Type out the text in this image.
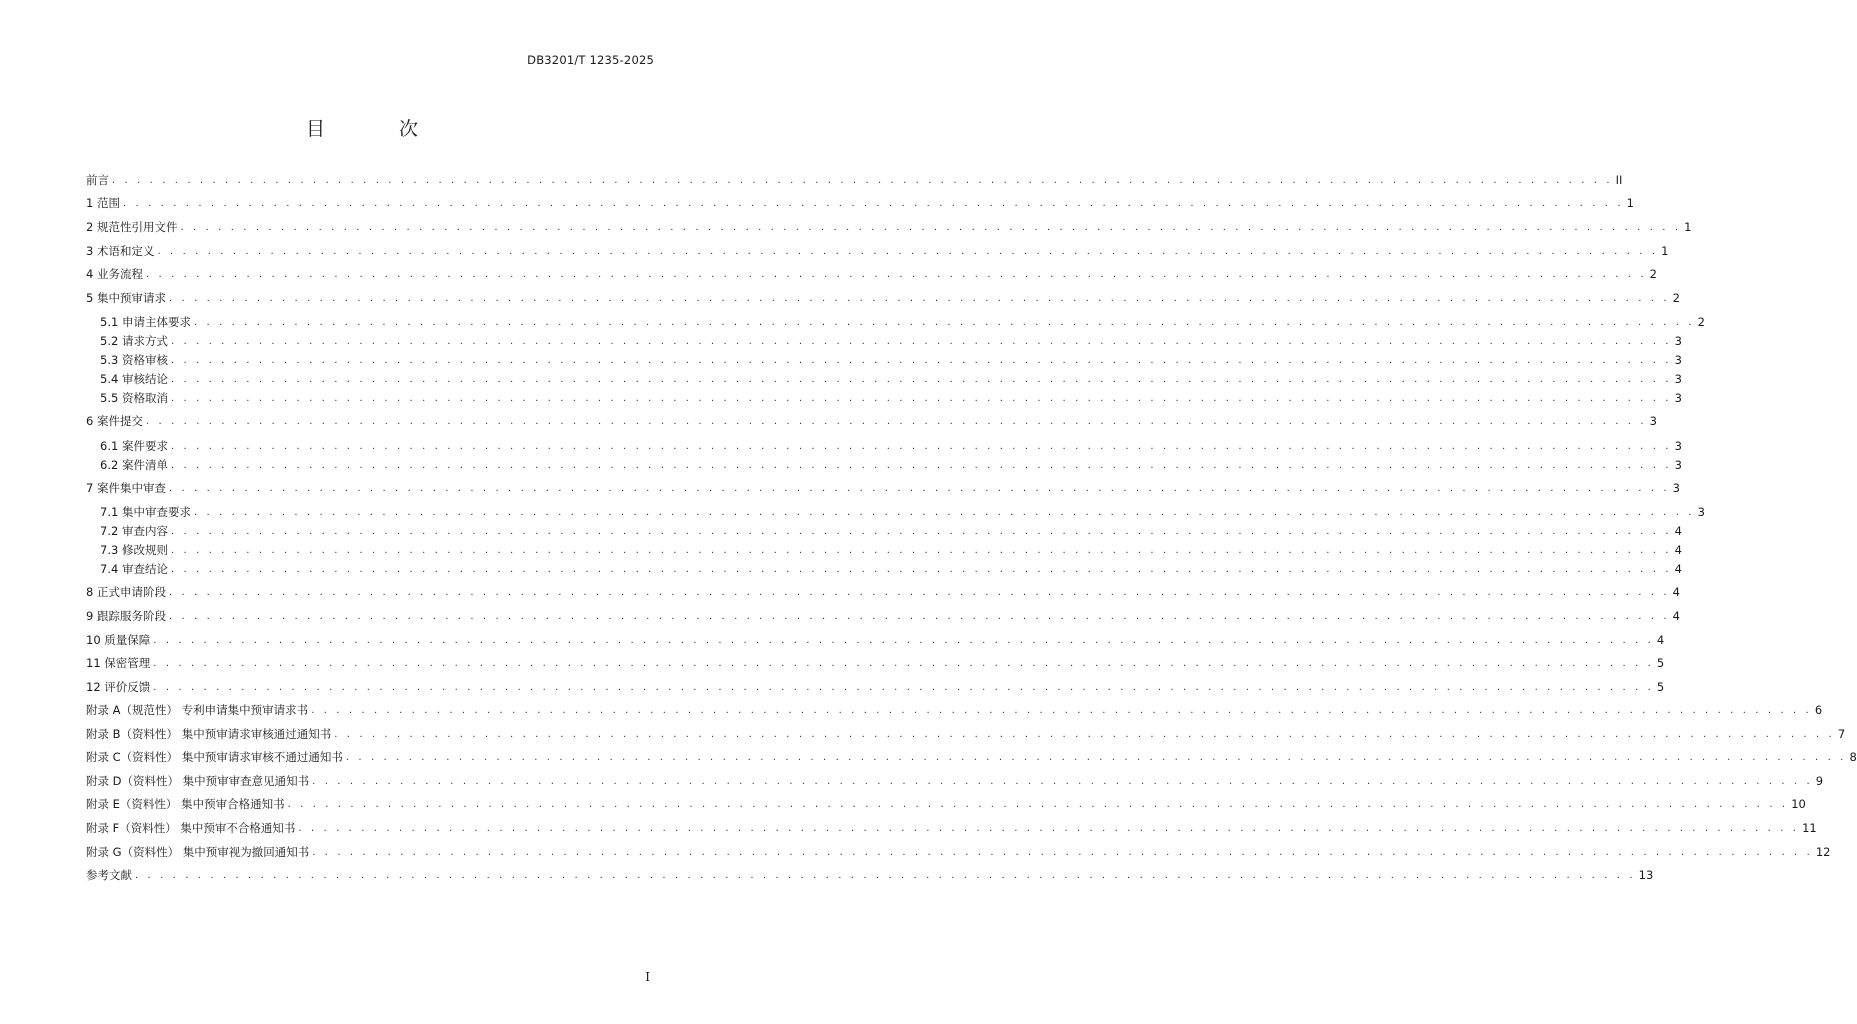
DB3201/T 1235-2025
目 次
前言 . . . . . . . . . . . . . . . . . . . . . . . . . . . . . . . . . . . . . . . . . . . . . . . . . . . . . . . . . . . . . . . . . . . . . . . . . . . . . . . . . . . . . . . . . . . . . . . . . . . . . . . . . . . . . . . . . . . . . . . . II
1 范围 . . . . . . . . . . . . . . . . . . . . . . . . . . . . . . . . . . . . . . . . . . . . . . . . . . . . . . . . . . . . . . . . . . . . . . . . . . . . . . . . . . . . . . . . . . . . . . . . . . . . . . . . . . . . . . . . . . . . . . . . 1
2 规范性引用文件 . . . . . . . . . . . . . . . . . . . . . . . . . . . . . . . . . . . . . . . . . . . . . . . . . . . . . . . . . . . . . . . . . . . . . . . . . . . . . . . . . . . . . . . . . . . . . . . . . . . . . . . . . . . . . . . . . . . . . . . . 1
3 术语和定义 . . . . . . . . . . . . . . . . . . . . . . . . . . . . . . . . . . . . . . . . . . . . . . . . . . . . . . . . . . . . . . . . . . . . . . . . . . . . . . . . . . . . . . . . . . . . . . . . . . . . . . . . . . . . . . . . . . . . . . . . 1
4 业务流程 . . . . . . . . . . . . . . . . . . . . . . . . . . . . . . . . . . . . . . . . . . . . . . . . . . . . . . . . . . . . . . . . . . . . . . . . . . . . . . . . . . . . . . . . . . . . . . . . . . . . . . . . . . . . . . . . . . . . . . . . 2
5 集中预审请求 . . . . . . . . . . . . . . . . . . . . . . . . . . . . . . . . . . . . . . . . . . . . . . . . . . . . . . . . . . . . . . . . . . . . . . . . . . . . . . . . . . . . . . . . . . . . . . . . . . . . . . . . . . . . . . . . . . . . . . . . 2
5.1 申请主体要求 . . . . . . . . . . . . . . . . . . . . . . . . . . . . . . . . . . . . . . . . . . . . . . . . . . . . . . . . . . . . . . . . . . . . . . . . . . . . . . . . . . . . . . . . . . . . . . . . . . . . . . . . . . . . . . . . . . . . . . . . 2
5.2 请求方式 . . . . . . . . . . . . . . . . . . . . . . . . . . . . . . . . . . . . . . . . . . . . . . . . . . . . . . . . . . . . . . . . . . . . . . . . . . . . . . . . . . . . . . . . . . . . . . . . . . . . . . . . . . . . . . . . . . . . . . . . 3
5.3 资格审核 . . . . . . . . . . . . . . . . . . . . . . . . . . . . . . . . . . . . . . . . . . . . . . . . . . . . . . . . . . . . . . . . . . . . . . . . . . . . . . . . . . . . . . . . . . . . . . . . . . . . . . . . . . . . . . . . . . . . . . . . 3
5.4 审核结论 . . . . . . . . . . . . . . . . . . . . . . . . . . . . . . . . . . . . . . . . . . . . . . . . . . . . . . . . . . . . . . . . . . . . . . . . . . . . . . . . . . . . . . . . . . . . . . . . . . . . . . . . . . . . . . . . . . . . . . . . 3
5.5 资格取消 . . . . . . . . . . . . . . . . . . . . . . . . . . . . . . . . . . . . . . . . . . . . . . . . . . . . . . . . . . . . . . . . . . . . . . . . . . . . . . . . . . . . . . . . . . . . . . . . . . . . . . . . . . . . . . . . . . . . . . . . 3
6 案件提交 . . . . . . . . . . . . . . . . . . . . . . . . . . . . . . . . . . . . . . . . . . . . . . . . . . . . . . . . . . . . . . . . . . . . . . . . . . . . . . . . . . . . . . . . . . . . . . . . . . . . . . . . . . . . . . . . . . . . . . . . 3
6.1 案件要求 . . . . . . . . . . . . . . . . . . . . . . . . . . . . . . . . . . . . . . . . . . . . . . . . . . . . . . . . . . . . . . . . . . . . . . . . . . . . . . . . . . . . . . . . . . . . . . . . . . . . . . . . . . . . . . . . . . . . . . . . 3
6.2 案件清单 . . . . . . . . . . . . . . . . . . . . . . . . . . . . . . . . . . . . . . . . . . . . . . . . . . . . . . . . . . . . . . . . . . . . . . . . . . . . . . . . . . . . . . . . . . . . . . . . . . . . . . . . . . . . . . . . . . . . . . . . 3
7 案件集中审查 . . . . . . . . . . . . . . . . . . . . . . . . . . . . . . . . . . . . . . . . . . . . . . . . . . . . . . . . . . . . . . . . . . . . . . . . . . . . . . . . . . . . . . . . . . . . . . . . . . . . . . . . . . . . . . . . . . . . . . . . 3
7.1 集中审查要求 . . . . . . . . . . . . . . . . . . . . . . . . . . . . . . . . . . . . . . . . . . . . . . . . . . . . . . . . . . . . . . . . . . . . . . . . . . . . . . . . . . . . . . . . . . . . . . . . . . . . . . . . . . . . . . . . . . . . . . . . 3
7.2 审查内容 . . . . . . . . . . . . . . . . . . . . . . . . . . . . . . . . . . . . . . . . . . . . . . . . . . . . . . . . . . . . . . . . . . . . . . . . . . . . . . . . . . . . . . . . . . . . . . . . . . . . . . . . . . . . . . . . . . . . . . . . 4
7.3 修改规则 . . . . . . . . . . . . . . . . . . . . . . . . . . . . . . . . . . . . . . . . . . . . . . . . . . . . . . . . . . . . . . . . . . . . . . . . . . . . . . . . . . . . . . . . . . . . . . . . . . . . . . . . . . . . . . . . . . . . . . . . 4
7.4 审查结论 . . . . . . . . . . . . . . . . . . . . . . . . . . . . . . . . . . . . . . . . . . . . . . . . . . . . . . . . . . . . . . . . . . . . . . . . . . . . . . . . . . . . . . . . . . . . . . . . . . . . . . . . . . . . . . . . . . . . . . . . 4
8 正式申请阶段 . . . . . . . . . . . . . . . . . . . . . . . . . . . . . . . . . . . . . . . . . . . . . . . . . . . . . . . . . . . . . . . . . . . . . . . . . . . . . . . . . . . . . . . . . . . . . . . . . . . . . . . . . . . . . . . . . . . . . . . . 4
9 跟踪服务阶段 . . . . . . . . . . . . . . . . . . . . . . . . . . . . . . . . . . . . . . . . . . . . . . . . . . . . . . . . . . . . . . . . . . . . . . . . . . . . . . . . . . . . . . . . . . . . . . . . . . . . . . . . . . . . . . . . . . . . . . . . 4
10 质量保障 . . . . . . . . . . . . . . . . . . . . . . . . . . . . . . . . . . . . . . . . . . . . . . . . . . . . . . . . . . . . . . . . . . . . . . . . . . . . . . . . . . . . . . . . . . . . . . . . . . . . . . . . . . . . . . . . . . . . . . . . 4
11 保密管理 . . . . . . . . . . . . . . . . . . . . . . . . . . . . . . . . . . . . . . . . . . . . . . . . . . . . . . . . . . . . . . . . . . . . . . . . . . . . . . . . . . . . . . . . . . . . . . . . . . . . . . . . . . . . . . . . . . . . . . . . 5
12 评价反馈 . . . . . . . . . . . . . . . . . . . . . . . . . . . . . . . . . . . . . . . . . . . . . . . . . . . . . . . . . . . . . . . . . . . . . . . . . . . . . . . . . . . . . . . . . . . . . . . . . . . . . . . . . . . . . . . . . . . . . . . . 5
附录 A（规范性） 专利申请集中预审请求书 . . . . . . . . . . . . . . . . . . . . . . . . . . . . . . . . . . . . . . . . . . . . . . . . . . . . . . . . . . . . . . . . . . . . . . . . . . . . . . . . . . . . . . . . . . . . . . . . . . . . . . . . . . . . . . . . . . . . . . . . 6
附录 B（资料性） 集中预审请求审核通过通知书 . . . . . . . . . . . . . . . . . . . . . . . . . . . . . . . . . . . . . . . . . . . . . . . . . . . . . . . . . . . . . . . . . . . . . . . . . . . . . . . . . . . . . . . . . . . . . . . . . . . . . . . . . . . . . . . . . . . . . . . . 7
附录 C（资料性） 集中预审请求审核不通过通知书 . . . . . . . . . . . . . . . . . . . . . . . . . . . . . . . . . . . . . . . . . . . . . . . . . . . . . . . . . . . . . . . . . . . . . . . . . . . . . . . . . . . . . . . . . . . . . . . . . . . . . . . . . . . . . . . . . . . . . . . . 8
附录 D（资料性） 集中预审审查意见通知书 . . . . . . . . . . . . . . . . . . . . . . . . . . . . . . . . . . . . . . . . . . . . . . . . . . . . . . . . . . . . . . . . . . . . . . . . . . . . . . . . . . . . . . . . . . . . . . . . . . . . . . . . . . . . . . . . . . . . . . . . 9
附录 E（资料性） 集中预审合格通知书 . . . . . . . . . . . . . . . . . . . . . . . . . . . . . . . . . . . . . . . . . . . . . . . . . . . . . . . . . . . . . . . . . . . . . . . . . . . . . . . . . . . . . . . . . . . . . . . . . . . . . . . . . . . . . . . . . . . . . . . . 10
附录 F（资料性） 集中预审不合格通知书 . . . . . . . . . . . . . . . . . . . . . . . . . . . . . . . . . . . . . . . . . . . . . . . . . . . . . . . . . . . . . . . . . . . . . . . . . . . . . . . . . . . . . . . . . . . . . . . . . . . . . . . . . . . . . . . . . . . . . . . . 11
附录 G（资料性） 集中预审视为撤回通知书 . . . . . . . . . . . . . . . . . . . . . . . . . . . . . . . . . . . . . . . . . . . . . . . . . . . . . . . . . . . . . . . . . . . . . . . . . . . . . . . . . . . . . . . . . . . . . . . . . . . . . . . . . . . . . . . . . . . . . . . . 12
参考文献 . . . . . . . . . . . . . . . . . . . . . . . . . . . . . . . . . . . . . . . . . . . . . . . . . . . . . . . . . . . . . . . . . . . . . . . . . . . . . . . . . . . . . . . . . . . . . . . . . . . . . . . . . . . . . . . . . . . . . . . . 13
I
